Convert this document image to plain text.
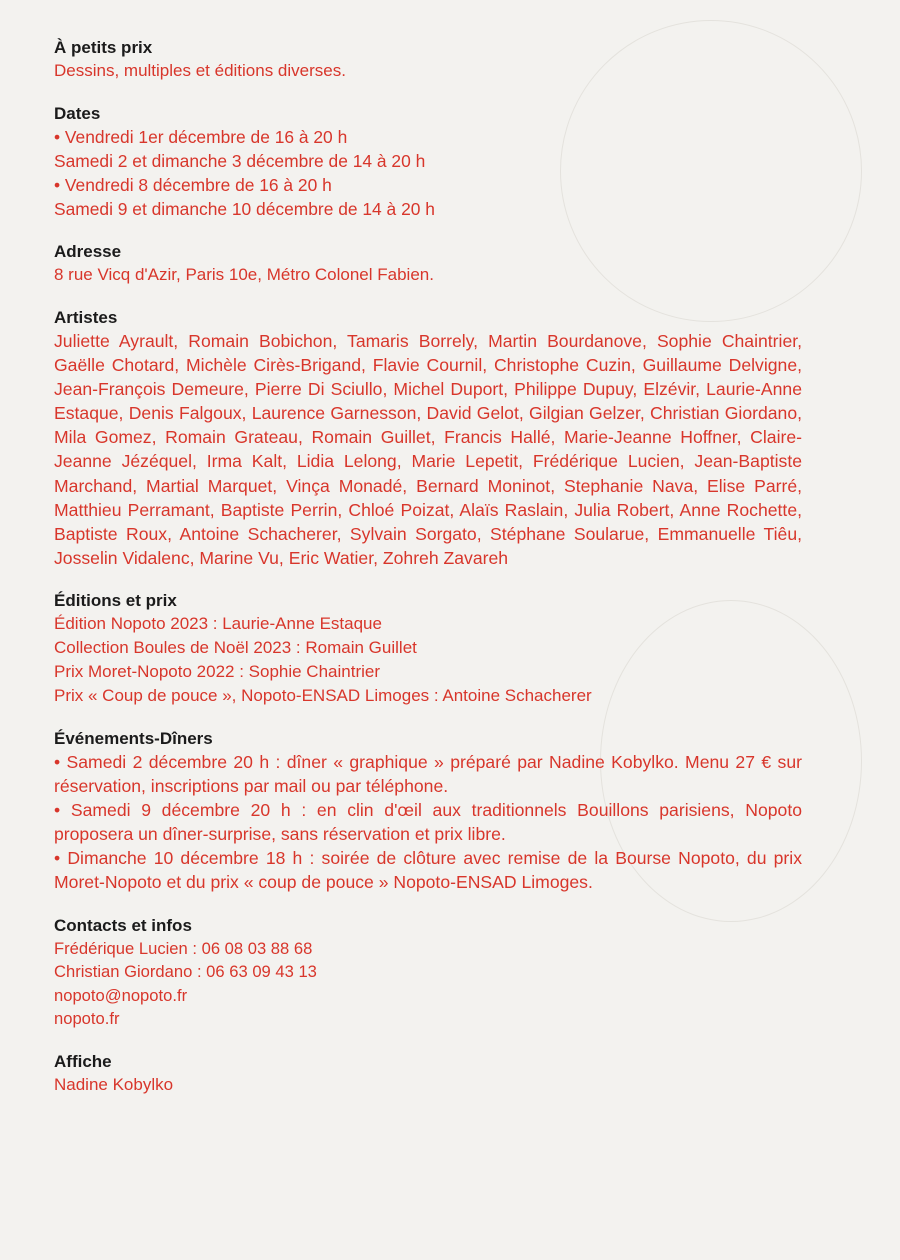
À petits prix
Dessins, multiples et éditions diverses.
Dates
• Vendredi 1er décembre de 16 à 20 h
Samedi 2 et dimanche 3 décembre de 14 à 20 h
• Vendredi 8 décembre de 16 à 20 h
Samedi 9 et dimanche 10 décembre de 14 à 20 h
Adresse
8 rue Vicq d'Azir, Paris 10e, Métro Colonel Fabien.
Artistes

Juliette Ayrault, Romain Bobichon, Tamaris Borrely, Martin Bourdanove, Sophie Chaintrier, Gaëlle Chotard, Michèle Cirès-Brigand, Flavie Cournil, Christophe Cuzin, Guillaume Delvigne, Jean-François Demeure, Pierre Di Sciullo, Michel Duport, Philippe Dupuy, Elzévir, Laurie-Anne Estaque, Denis Falgoux, Laurence Garnesson, David Gelot, Gilgian Gelzer, Christian Giordano, Mila Gomez, Romain Grateau, Romain Guillet, Francis Hallé, Marie-Jeanne Hoffner, Claire-Jeanne Jézéquel, Irma Kalt, Lidia Lelong, Marie Lepetit, Frédérique Lucien, Jean-Baptiste Marchand, Martial Marquet, Vinça Monadé, Bernard Moninot, Stephanie Nava, Elise Parré, Matthieu Perramant, Baptiste Perrin, Chloé Poizat, Alaïs Raslain, Julia Robert, Anne Rochette, Baptiste Roux, Antoine Schacherer, Sylvain Sorgato, Stéphane Soularue, Emmanuelle Tiêu, Josselin Vidalenc, Marine Vu, Eric Watier, Zohreh Zavareh

Éditions et prix
Édition Nopoto 2023 : Laurie-Anne Estaque
Collection Boules de Noël 2023 : Romain Guillet
Prix Moret-Nopoto 2022 : Sophie Chaintrier
Prix « Coup de pouce », Nopoto-ENSAD Limoges : Antoine Schacherer
Événements-Dîners

• Samedi 2 décembre 20 h : dîner « graphique » préparé par Nadine Kobylko. Menu 27 € sur réservation, inscriptions par mail ou par téléphone.

• Samedi 9 décembre 20 h : en clin d'œil aux traditionnels Bouillons parisiens, Nopoto proposera un dîner-surprise, sans réservation et prix libre.

• Dimanche 10 décembre 18 h : soirée de clôture avec remise de la Bourse Nopoto, du prix Moret-Nopoto et du prix « coup de pouce » Nopoto-ENSAD Limoges.

Contacts et infos
Frédérique Lucien : 06 08 03 88 68
Christian Giordano : 06 63 09 43 13
nopoto@nopoto.fr
nopoto.fr
Affiche
Nadine Kobylko
